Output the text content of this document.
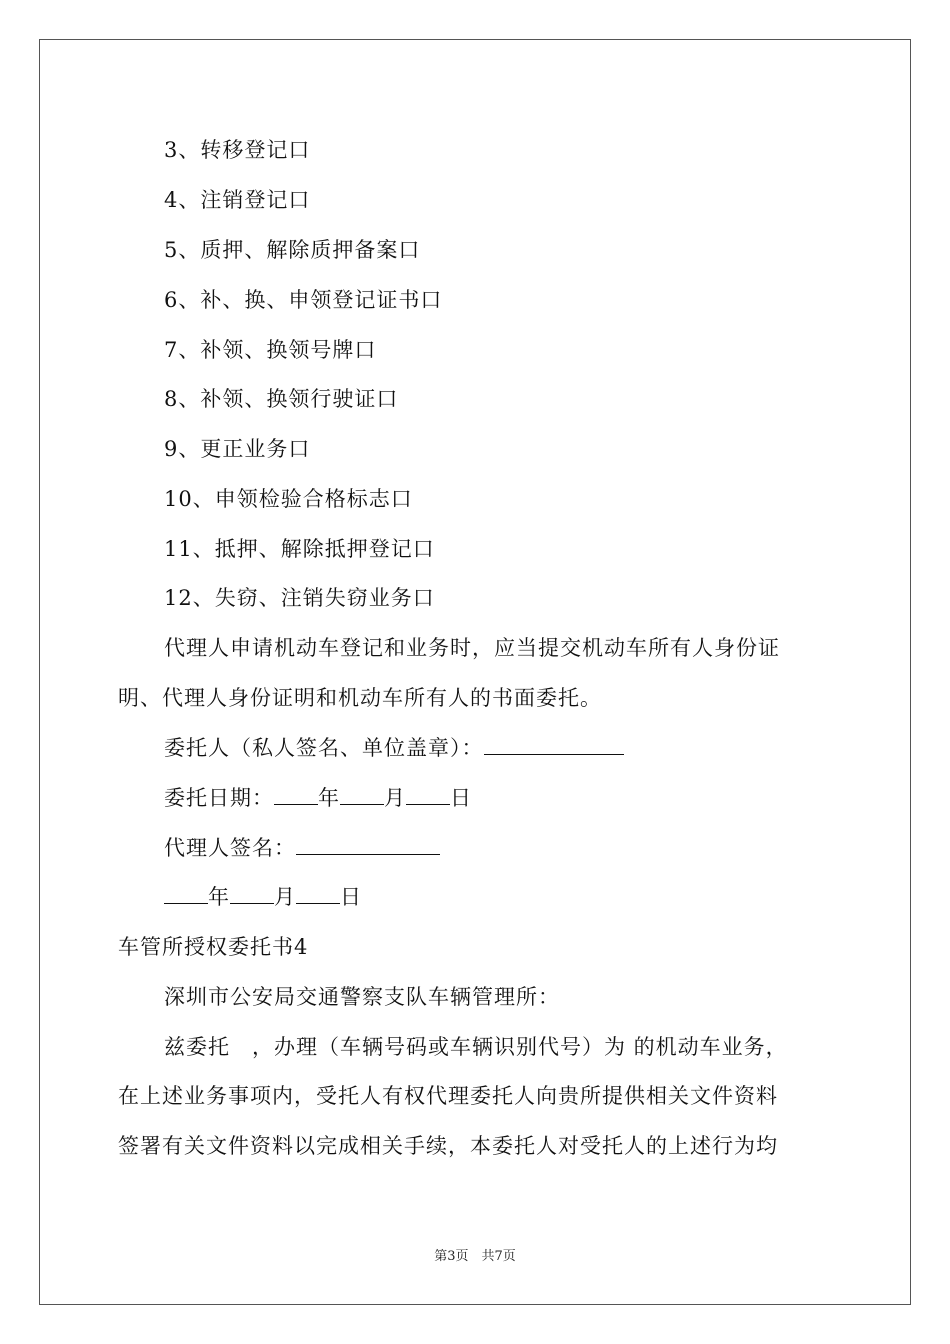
3、转移登记口
4、注销登记口
5、质押、解除质押备案口
6、补、换、申领登记证书口
7、补领、换领号牌口
8、补领、换领行驶证口
9、更正业务口
10、申领检验合格标志口
11、抵押、解除抵押登记口
12、失窃、注销失窃业务口
代理人申请机动车登记和业务时，应当提交机动车所有人身份证
明、代理人身份证明和机动车所有人的书面委托。
委托人（私人签名、单位盖章）：
委托日期： 年 月 日
代理人签名：
年 月 日
车管所授权委托书4
深圳市公安局交通警察支队车辆管理所：
兹委托　，办理（车辆号码或车辆识别代号）为 的机动车业务，
在上述业务事项内，受托人有权代理委托人向贵所提供相关文件资料
签署有关文件资料以完成相关手续，本委托人对受托人的上述行为均
第3页　共7页
